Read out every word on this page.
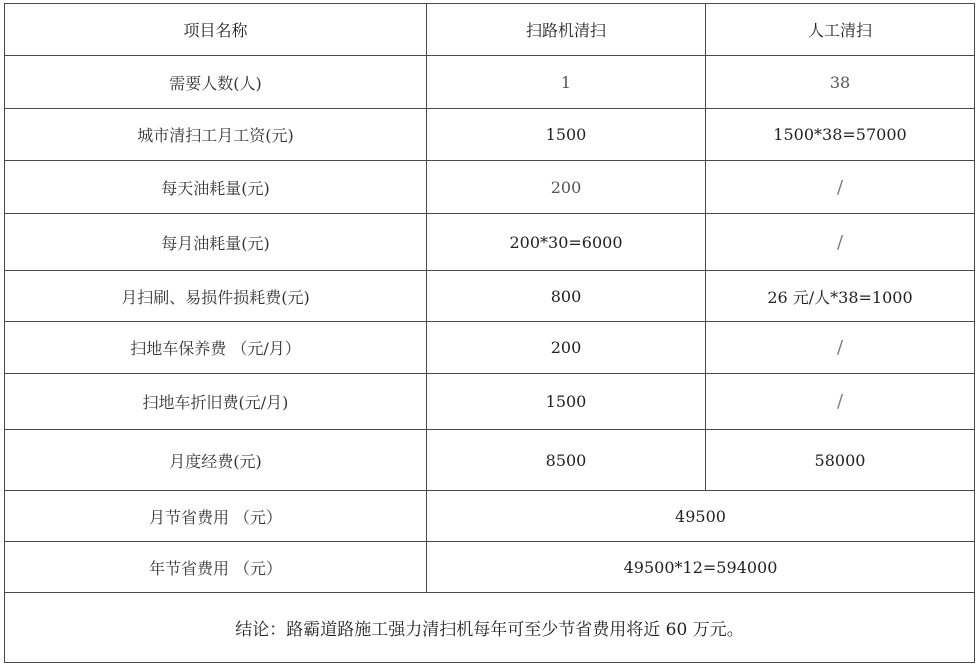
项目名称	扫路机清扫	人工清扫
需要人数(人)	1	38
城市清扫工月工资(元)	1500	1500*38=57000
每天油耗量(元)	200	/
每月油耗量(元)	200*30=6000	/
月扫刷、易损件损耗费(元)	800	26 元/人*38=1000
扫地车保养费 （元/月）	200	/
扫地车折旧费(元/月)	1500	/
月度经费(元)	8500	58000
月节省费用 （元）	49500	
年节省费用 （元）	49500*12=594000	
结论：路霸道路施工强力清扫机每年可至少节省费用将近 60 万元。		
